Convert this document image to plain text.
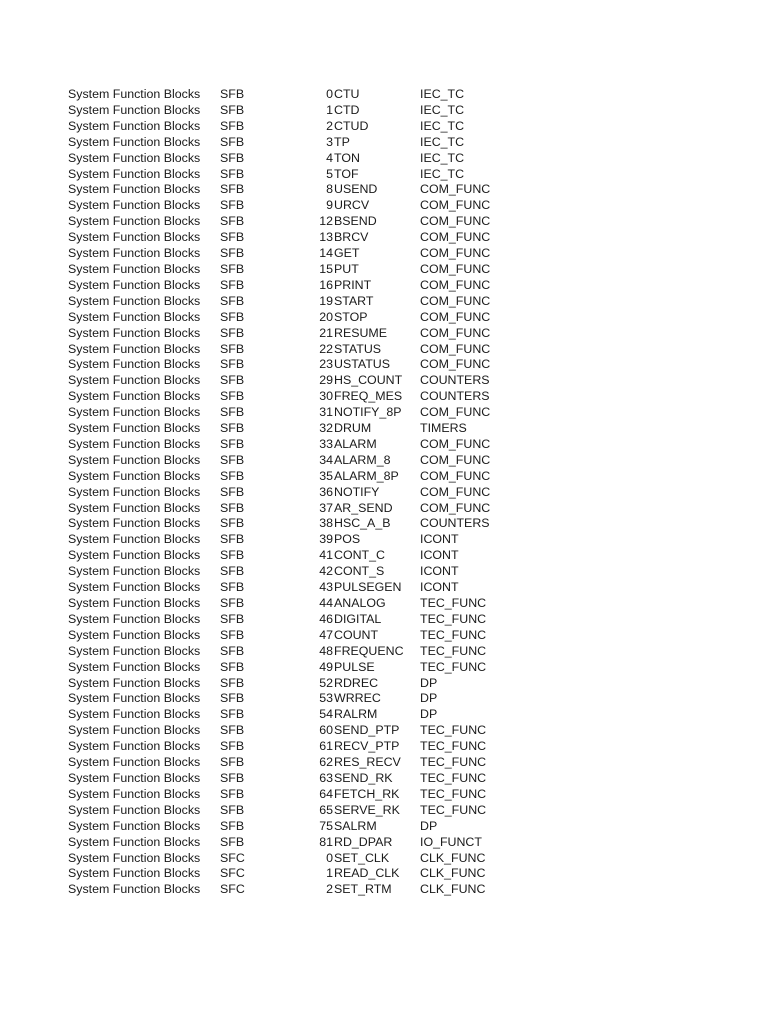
System Function Blocks	SFB	0	CTU	IEC_TC
System Function Blocks	SFB	1	CTD	IEC_TC
System Function Blocks	SFB	2	CTUD	IEC_TC
System Function Blocks	SFB	3	TP	IEC_TC
System Function Blocks	SFB	4	TON	IEC_TC
System Function Blocks	SFB	5	TOF	IEC_TC
System Function Blocks	SFB	8	USEND	COM_FUNC
System Function Blocks	SFB	9	URCV	COM_FUNC
System Function Blocks	SFB	12	BSEND	COM_FUNC
System Function Blocks	SFB	13	BRCV	COM_FUNC
System Function Blocks	SFB	14	GET	COM_FUNC
System Function Blocks	SFB	15	PUT	COM_FUNC
System Function Blocks	SFB	16	PRINT	COM_FUNC
System Function Blocks	SFB	19	START	COM_FUNC
System Function Blocks	SFB	20	STOP	COM_FUNC
System Function Blocks	SFB	21	RESUME	COM_FUNC
System Function Blocks	SFB	22	STATUS	COM_FUNC
System Function Blocks	SFB	23	USTATUS	COM_FUNC
System Function Blocks	SFB	29	HS_COUNT	COUNTERS
System Function Blocks	SFB	30	FREQ_MES	COUNTERS
System Function Blocks	SFB	31	NOTIFY_8P	COM_FUNC
System Function Blocks	SFB	32	DRUM	TIMERS
System Function Blocks	SFB	33	ALARM	COM_FUNC
System Function Blocks	SFB	34	ALARM_8	COM_FUNC
System Function Blocks	SFB	35	ALARM_8P	COM_FUNC
System Function Blocks	SFB	36	NOTIFY	COM_FUNC
System Function Blocks	SFB	37	AR_SEND	COM_FUNC
System Function Blocks	SFB	38	HSC_A_B	COUNTERS
System Function Blocks	SFB	39	POS	ICONT
System Function Blocks	SFB	41	CONT_C	ICONT
System Function Blocks	SFB	42	CONT_S	ICONT
System Function Blocks	SFB	43	PULSEGEN	ICONT
System Function Blocks	SFB	44	ANALOG	TEC_FUNC
System Function Blocks	SFB	46	DIGITAL	TEC_FUNC
System Function Blocks	SFB	47	COUNT	TEC_FUNC
System Function Blocks	SFB	48	FREQUENC	TEC_FUNC
System Function Blocks	SFB	49	PULSE	TEC_FUNC
System Function Blocks	SFB	52	RDREC	DP
System Function Blocks	SFB	53	WRREC	DP
System Function Blocks	SFB	54	RALRM	DP
System Function Blocks	SFB	60	SEND_PTP	TEC_FUNC
System Function Blocks	SFB	61	RECV_PTP	TEC_FUNC
System Function Blocks	SFB	62	RES_RECV	TEC_FUNC
System Function Blocks	SFB	63	SEND_RK	TEC_FUNC
System Function Blocks	SFB	64	FETCH_RK	TEC_FUNC
System Function Blocks	SFB	65	SERVE_RK	TEC_FUNC
System Function Blocks	SFB	75	SALRM	DP
System Function Blocks	SFB	81	RD_DPAR	IO_FUNCT
System Function Blocks	SFC	0	SET_CLK	CLK_FUNC
System Function Blocks	SFC	1	READ_CLK	CLK_FUNC
System Function Blocks	SFC	2	SET_RTM	CLK_FUNC
